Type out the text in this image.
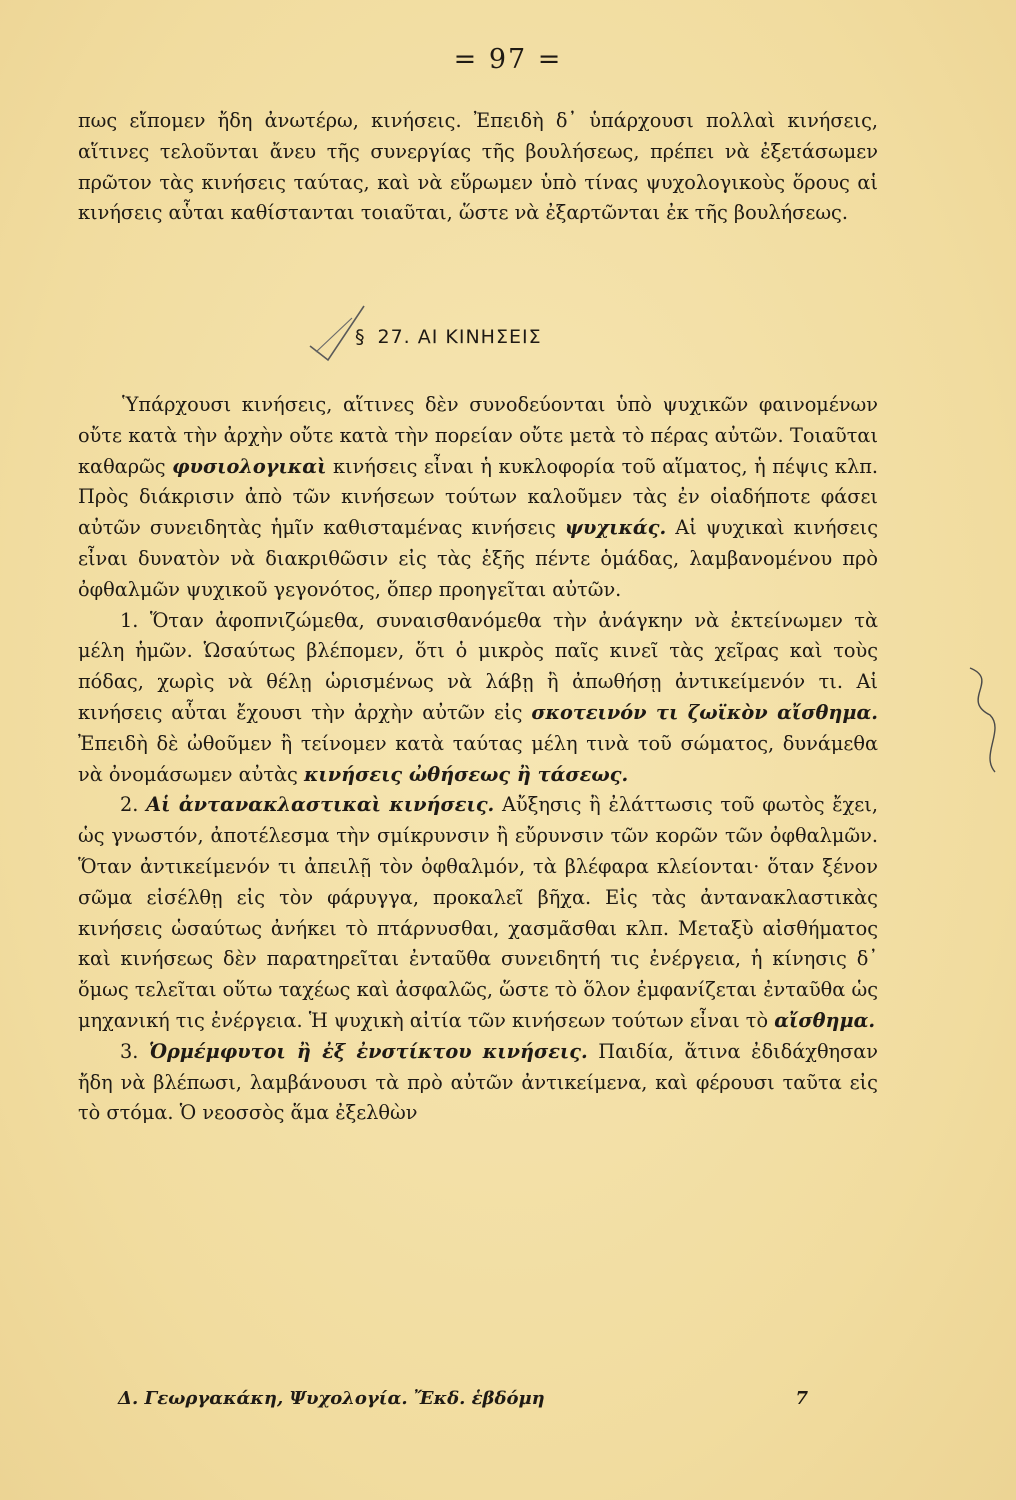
= 97 =
πως εἴπομεν ἤδη ἀνωτέρω, κινήσεις. Ἐπειδὴ δ᾿ ὑπάρχουσι πολλαὶ κινήσεις, αἵτινες τελοῦνται ἄνευ τῆς συνεργίας τῆς βουλήσεως, πρέπει νὰ ἐξετάσωμεν πρῶτον τὰς κινήσεις ταύτας, καὶ νὰ εὕρωμεν ὑπὸ τίνας ψυχολογικοὺς ὅρους αἱ κινήσεις αὗται καθίστανται τοιαῦται, ὥστε νὰ ἐξαρτῶνται ἐκ τῆς βουλήσεως.
§ 27. ΑΙ ΚΙΝΗΣΕΙΣ

Ὑπάρχουσι κινήσεις, αἵτινες δὲν συνοδεύονται ὑπὸ ψυχικῶν φαινομένων οὔτε κατὰ τὴν ἀρχὴν οὔτε κατὰ τὴν πορείαν οὔτε μετὰ τὸ πέρας αὐτῶν. Τοιαῦται καθαρῶς φυσιολογικαὶ κινήσεις εἶναι ἡ κυκλοφορία τοῦ αἵματος, ἡ πέψις κλπ. Πρὸς διάκρισιν ἀπὸ τῶν κινήσεων τούτων καλοῦμεν τὰς ἐν οἱαδήποτε φάσει αὐτῶν συνειδητὰς ἡμῖν καθισταμένας κινήσεις ψυχικάς. Αἱ ψυχικαὶ κινήσεις εἶναι δυνατὸν νὰ διακριθῶσιν εἰς τὰς ἑξῆς πέντε ὁμάδας, λαμβανομένου πρὸ ὀφθαλμῶν ψυχικοῦ γεγονότος, ὅπερ προηγεῖται αὐτῶν.

1. Ὅταν ἀφοπνιζώμεθα, συναισθανόμεθα τὴν ἀνάγκην νὰ ἐκτείνωμεν τὰ μέλη ἡμῶν. Ὡσαύτως βλέπομεν, ὅτι ὁ μικρὸς παῖς κινεῖ τὰς χεῖρας καὶ τοὺς πόδας, χωρὶς νὰ θέλῃ ὡρισμένως νὰ λάβῃ ἢ ἀπωθήσῃ ἀντικείμενόν τι. Αἱ κινήσεις αὗται ἔχουσι τὴν ἀρχὴν αὐτῶν εἰς σκοτεινόν τι ζωϊκὸν αἴσθημα. Ἐπειδὴ δὲ ὠθοῦμεν ἢ τείνομεν κατὰ ταύτας μέλη τινὰ τοῦ σώματος, δυνάμεθα νὰ ὀνομάσωμεν αὐτὰς κινήσεις ὠθήσεως ἢ τάσεως.

2. Αἱ ἀντανακλαστικαὶ κινήσεις. Αὔξησις ἢ ἐλάττωσις τοῦ φωτὸς ἔχει, ὡς γνωστόν, ἀποτέλεσμα τὴν σμίκρυνσιν ἢ εὔρυνσιν τῶν κορῶν τῶν ὀφθαλμῶν. Ὅταν ἀντικείμενόν τι ἀπειλῇ τὸν ὀφθαλμόν, τὰ βλέφαρα κλείονται· ὅταν ξένον σῶμα εἰσέλθῃ εἰς τὸν φάρυγγα, προκαλεῖ βῆχα. Εἰς τὰς ἀντανακλαστικὰς κινήσεις ὡσαύτως ἀνήκει τὸ πτάρνυσθαι, χασμᾶσθαι κλπ. Μεταξὺ αἰσθήματος καὶ κινήσεως δὲν παρατηρεῖται ἐνταῦθα συνειδητή τις ἐνέργεια, ἡ κίνησις δ᾿ ὅμως τελεῖται οὕτω ταχέως καὶ ἀσφαλῶς, ὥστε τὸ ὅλον ἐμφανίζεται ἐνταῦθα ὡς μηχανική τις ἐνέργεια. Ἡ ψυχικὴ αἰτία τῶν κινήσεων τούτων εἶναι τὸ αἴσθημα.

3. Ὁρμέμφυτοι ἢ ἐξ ἐνστίκτου κινήσεις. Παιδία, ἅτινα ἐδιδάχθησαν ἤδη νὰ βλέπωσι, λαμβάνουσι τὰ πρὸ αὐτῶν ἀντικείμενα, καὶ φέρουσι ταῦτα εἰς τὸ στόμα. Ὁ νεοσσὸς ἅμα ἐξελθὼν

Δ. Γεωργακάκη, Ψυχολογία. Ἔκδ. ἑβδόμη	7
